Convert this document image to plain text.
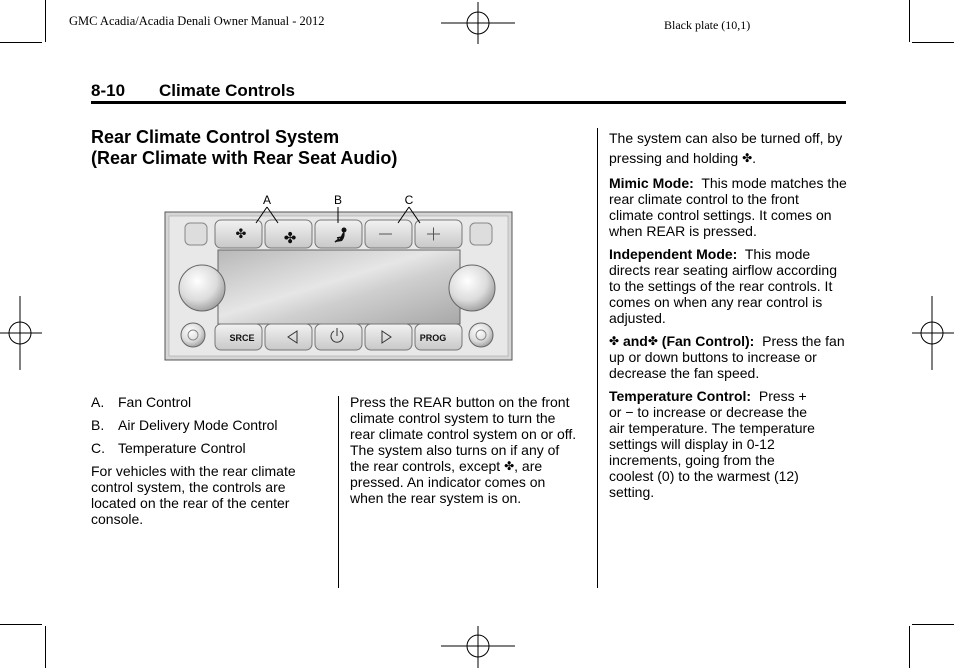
GMC Acadia/Acadia Denali Owner Manual - 2012	Black plate (10,1)
8-10 Climate Controls
Rear Climate Control System
(Rear Climate with Rear Seat Audio)
✤ ✤
SRCE	PROG
A	B	C
A. Fan Control
B. Air Delivery Mode Control
C. Temperature Control
For vehicles with the rear climate control system, the controls are located on the rear of the center console.
Press the REAR button on the front climate control system to turn the rear climate control system on or off. The system also turns on if any of the rear controls, except ✤, are pressed. An indicator comes on when the rear system is on.
The system can also be turned off, by pressing and holding ✤.
Mimic Mode: This mode matches the rear climate control to the front climate control settings. It comes on when REAR is pressed.
Independent Mode: This mode directs rear seating airflow according to the settings of the rear controls. It comes on when any rear control is adjusted.
✤ and✤ (Fan Control): Press the fan up or down buttons to increase or decrease the fan speed.
Temperature Control: Press + or − to increase or decrease the air temperature. The temperature settings will display in 0-12 increments, going from the coolest (0) to the warmest (12) setting.
